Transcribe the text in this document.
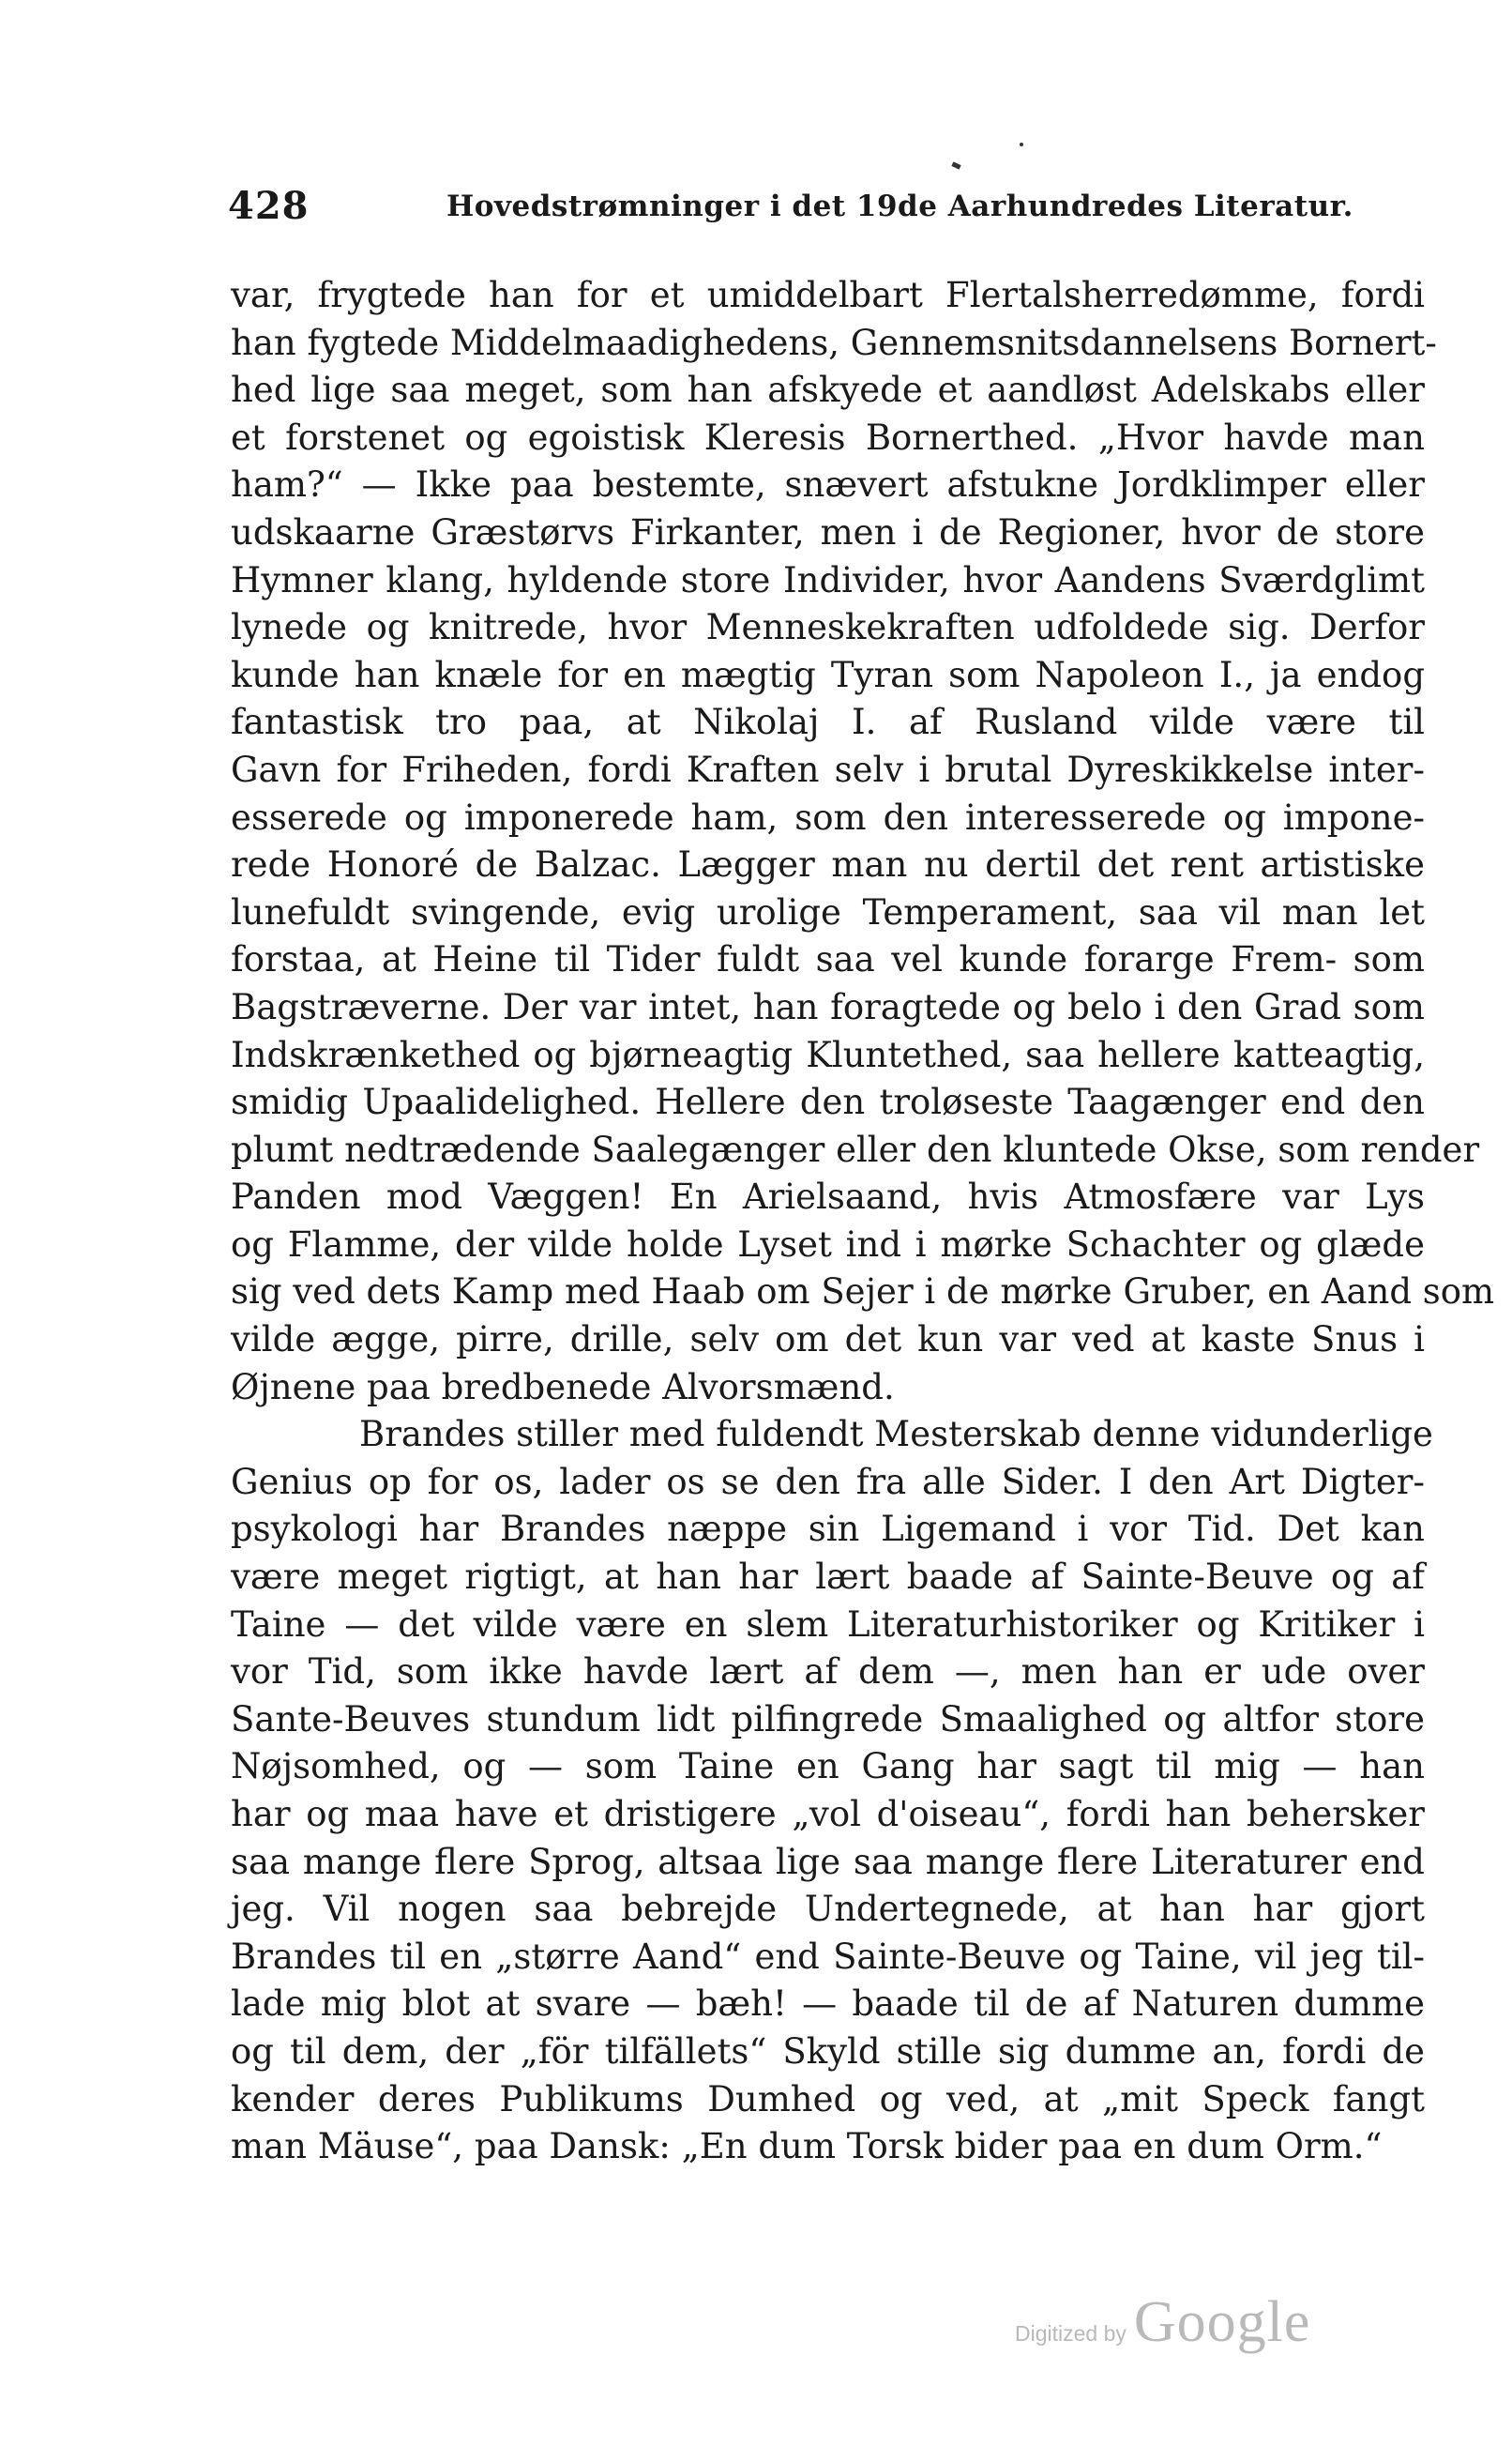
428	Hovedstrømninger i det 19de Aarhundredes Literatur.
var, frygtede han for et umiddelbart Flertalsherredømme, fordi
han fygtede Middelmaadighedens, Gennemsnitsdannelsens Bornert-
hed lige saa meget, som han afskyede et aandløst Adelskabs eller
et forstenet og egoistisk Kleresis Bornerthed. „Hvor havde man
ham?“ — Ikke paa bestemte, snævert afstukne Jordklimper eller
udskaarne Græstørvs Firkanter, men i de Regioner, hvor de store
Hymner klang, hyldende store Individer, hvor Aandens Sværdglimt
lynede og knitrede, hvor Menneskekraften udfoldede sig. Derfor
kunde han knæle for en mægtig Tyran som Napoleon I., ja endog
fantastisk tro paa, at Nikolaj I. af Rusland vilde være til
Gavn for Friheden, fordi Kraften selv i brutal Dyreskikkelse inter-
esserede og imponerede ham, som den interesserede og impone-
rede Honoré de Balzac. Lægger man nu dertil det rent artistiske
lunefuldt svingende, evig urolige Temperament, saa vil man let
forstaa, at Heine til Tider fuldt saa vel kunde forarge Frem- som
Bagstræverne. Der var intet, han foragtede og belo i den Grad som
Indskrænkethed og bjørneagtig Kluntethed, saa hellere katteagtig,
smidig Upaalidelighed. Hellere den troløseste Taagænger end den
plumt nedtrædende Saalegænger eller den kluntede Okse, som render
Panden mod Væggen! En Arielsaand, hvis Atmosfære var Lys
og Flamme, der vilde holde Lyset ind i mørke Schachter og glæde
sig ved dets Kamp med Haab om Sejer i de mørke Gruber, en Aand som
vilde ægge, pirre, drille, selv om det kun var ved at kaste Snus i
Øjnene paa bredbenede Alvorsmænd.
Brandes stiller med fuldendt Mesterskab denne vidunderlige
Genius op for os, lader os se den fra alle Sider. I den Art Digter-
psykologi har Brandes næppe sin Ligemand i vor Tid. Det kan
være meget rigtigt, at han har lært baade af Sainte-Beuve og af
Taine — det vilde være en slem Literaturhistoriker og Kritiker i
vor Tid, som ikke havde lært af dem —, men han er ude over
Sante-Beuves stundum lidt pilfingrede Smaalighed og altfor store
Nøjsomhed, og — som Taine en Gang har sagt til mig — han
har og maa have et dristigere „vol d'oiseau“, fordi han behersker
saa mange flere Sprog, altsaa lige saa mange flere Literaturer end
jeg. Vil nogen saa bebrejde Undertegnede, at han har gjort
Brandes til en „større Aand“ end Sainte-Beuve og Taine, vil jeg til-
lade mig blot at svare — bæh! — baade til de af Naturen dumme
og til dem, der „för tilfällets“ Skyld stille sig dumme an, fordi de
kender deres Publikums Dumhed og ved, at „mit Speck fangt
man Mäuse“, paa Dansk: „En dum Torsk bider paa en dum Orm.“
Digitized by Google
